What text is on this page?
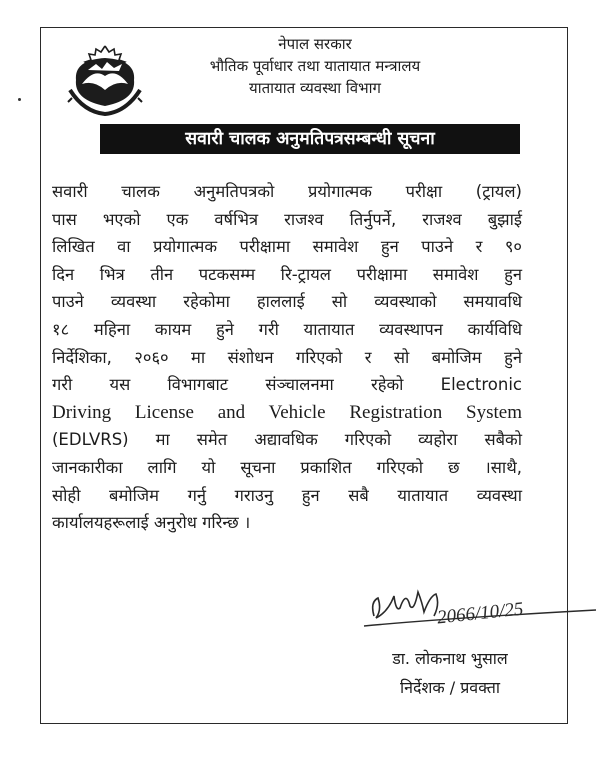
नेपाल सरकार
भौतिक पूर्वाधार तथा यातायात मन्त्रालय
यातायात व्यवस्था विभाग
सवारी चालक अनुमतिपत्रसम्बन्धी सूचना
सवारी चालक अनुमतिपत्रको प्रयोगात्मक परीक्षा (ट्रायल)
पास भएको एक वर्षभित्र राजश्व तिर्नुपर्ने, राजश्व बुझाई
लिखित वा प्रयोगात्मक परीक्षामा समावेश हुन पाउने र ९०
दिन भित्र तीन पटकसम्म रि-ट्रायल परीक्षामा समावेश हुन
पाउने व्यवस्था रहेकोमा हाललाई सो व्यवस्थाको समयावधि
१८ महिना कायम हुने गरी यातायात व्यवस्थापन कार्यविधि
निर्देशिका, २०६० मा संशोधन गरिएको र सो बमोजिम हुने
गरी यस विभागबाट संञ्चालनमा रहेको Electronic
Driving License and Vehicle Registration System
(EDLVRS) मा समेत अद्यावधिक गरिएको व्यहोरा सबैको
जानकारीका लागि यो सूचना प्रकाशित गरिएको छ ।साथै,
सोही बमोजिम गर्नु गराउनु हुन सबै यातायात व्यवस्था
कार्यालयहरूलाई अनुरोध गरिन्छ ।
2066/10/25
डा. लोकनाथ भुसाल
निर्देशक / प्रवक्ता
